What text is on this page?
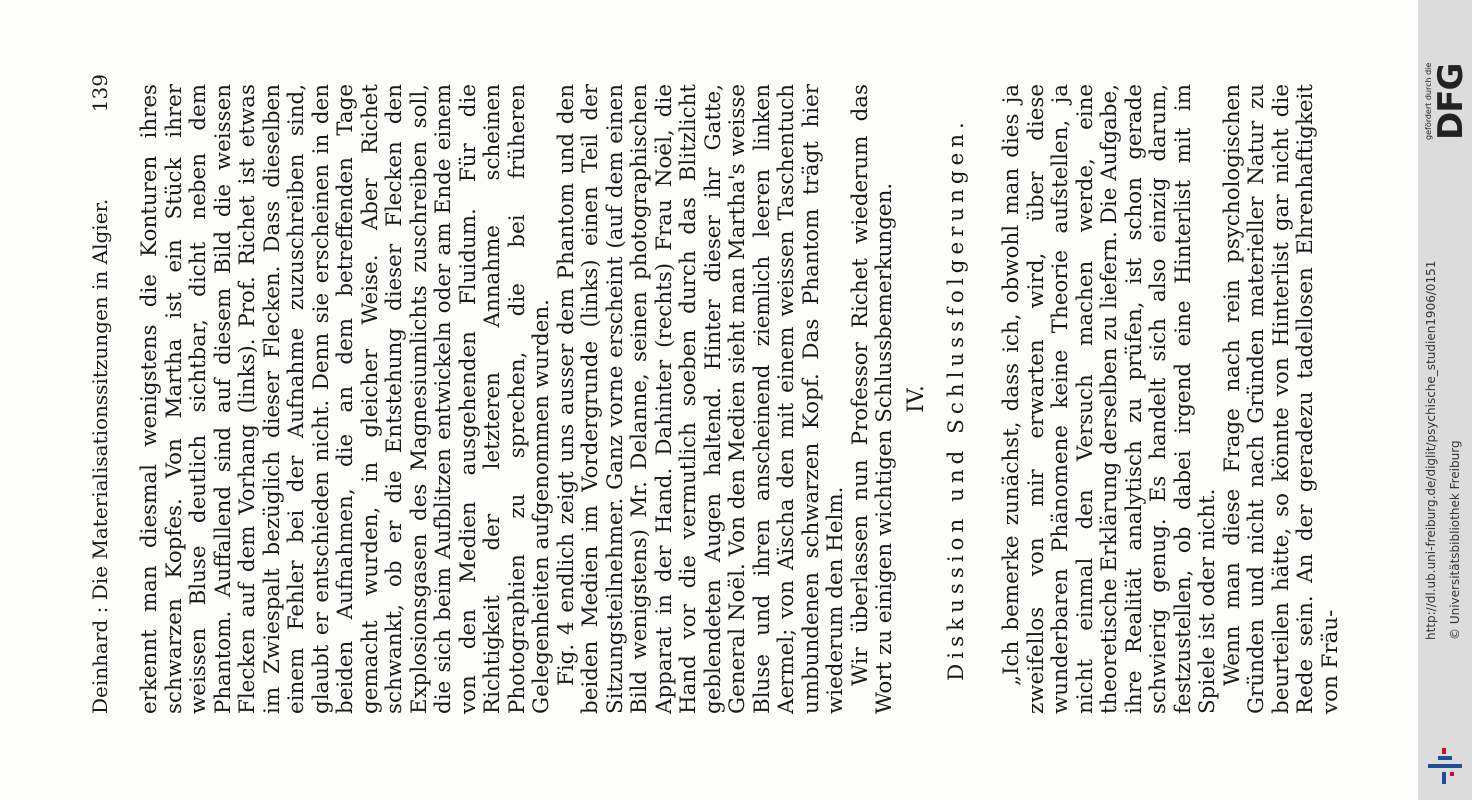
Deinhard : Die Materialisationssitzungen in Algier.
139 erkennt man diesmal wenigstens die Konturen ihres schwarzen Kopfes. Von Martha ist ein Stück ihrer weissen Bluse deutlich sichtbar, dicht neben dem Phantom. Auffallend sind auf diesem Bild die weissen Flecken auf dem Vorhang (links). Prof. Richet ist etwas im Zwiespalt bezüglich dieser Flecken. Dass dieselben einem Fehler bei der Aufnahme zuzuschreiben sind, glaubt er entschieden nicht. Denn sie erscheinen in den beiden Aufnahmen, die an dem betreffenden Tage gemacht wurden, in gleicher Weise. Aber Richet schwankt, ob er die Entstehung dieser Flecken den Explosionsgasen des Magnesiumlichts zuschreiben soll, die sich beim Aufblitzen entwickeln oder am Ende einem von den Medien ausgehenden Fluidum. Für die Richtigkeit der letzteren Annahme scheinen Photographien zu sprechen, die bei früheren Gelegenheiten aufgenommen wurden. Fig. 4 endlich zeigt uns ausser dem Phantom und den beiden Medien im Vordergrunde (links) einen Teil der Sitzungsteilnehmer. Ganz vorne erscheint (auf dem einen Bild wenigstens) Mr. Delanne, seinen photographischen Apparat in der Hand. Dahinter (rechts) Frau Noël, die Hand vor die vermutlich soeben durch das Blitzlicht geblendeten Augen haltend. Hinter dieser ihr Gatte, General Noël. Von den Medien sieht man Martha's weisse Bluse und ihren anscheinend ziemlich leeren linken Aermel; von Aïscha den mit einem weissen Taschentuch umbundenen schwarzen Kopf. Das Phantom trägt hier wiederum den Helm. Wir überlassen nun Professor Richet wiederum das Wort zu einigen wichtigen Schlussbemerkungen. IV. Diskussion und Schlussfolgerungen. „Ich bemerke zunächst, dass ich, obwohl man dies ja zweifellos von mir erwarten wird, über diese wunderbaren Phänomene keine Theorie aufstellen, ja nicht einmal den Versuch machen werde, eine theoretische Erklärung derselben zu liefern. Die Aufgabe, ihre Realität analytisch zu prüfen, ist schon gerade schwierig genug. Es handelt sich also einzig darum, festzustellen, ob dabei irgend eine Hinterlist mit im Spiele ist oder nicht. Wenn man diese Frage nach rein psychologischen Gründen und nicht nach Gründen materieller Natur zu beurteilen hätte, so könnte von Hinterlist gar nicht die Rede sein. An der geradezu tadellosen Ehrenhaftigkeit von Fräu-

http://dl.ub.uni-freiburg.de/diglit/psychische_studien1906/0151 © Universitätsbibliothek Freiburg
gefördert durch die
DFG
